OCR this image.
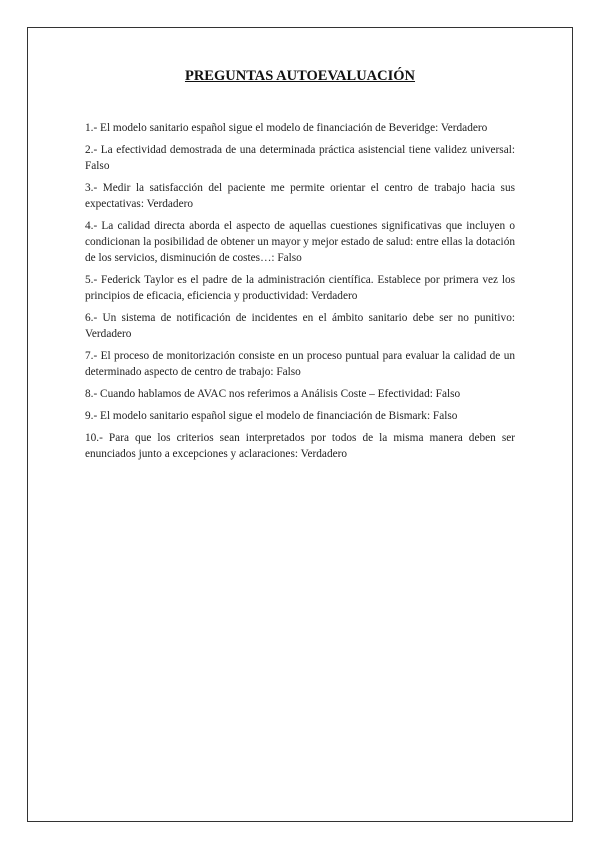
PREGUNTAS AUTOEVALUACIÓN

1.- El modelo sanitario español sigue el modelo de financiación de Beveridge: Verdadero

2.- La efectividad demostrada de una determinada práctica asistencial tiene validez universal: Falso

3.- Medir la satisfacción del paciente me permite orientar el centro de trabajo hacia sus expectativas: Verdadero

4.- La calidad directa aborda el aspecto de aquellas cuestiones significativas que incluyen o condicionan la posibilidad de obtener un mayor y mejor estado de salud: entre ellas la dotación de los servicios, disminución de costes…: Falso

5.- Federick Taylor es el padre de la administración científica. Establece por primera vez los principios de eficacia, eficiencia y productividad: Verdadero

6.- Un sistema de notificación de incidentes en el ámbito sanitario debe ser no punitivo: Verdadero

7.- El proceso de monitorización consiste en un proceso puntual para evaluar la calidad de un determinado aspecto de centro de trabajo: Falso

8.- Cuando hablamos de AVAC nos referimos a Análisis Coste – Efectividad: Falso

9.- El modelo sanitario español sigue el modelo de financiación de Bismark: Falso

10.- Para que los criterios sean interpretados por todos de la misma manera deben ser enunciados junto a excepciones y aclaraciones: Verdadero
